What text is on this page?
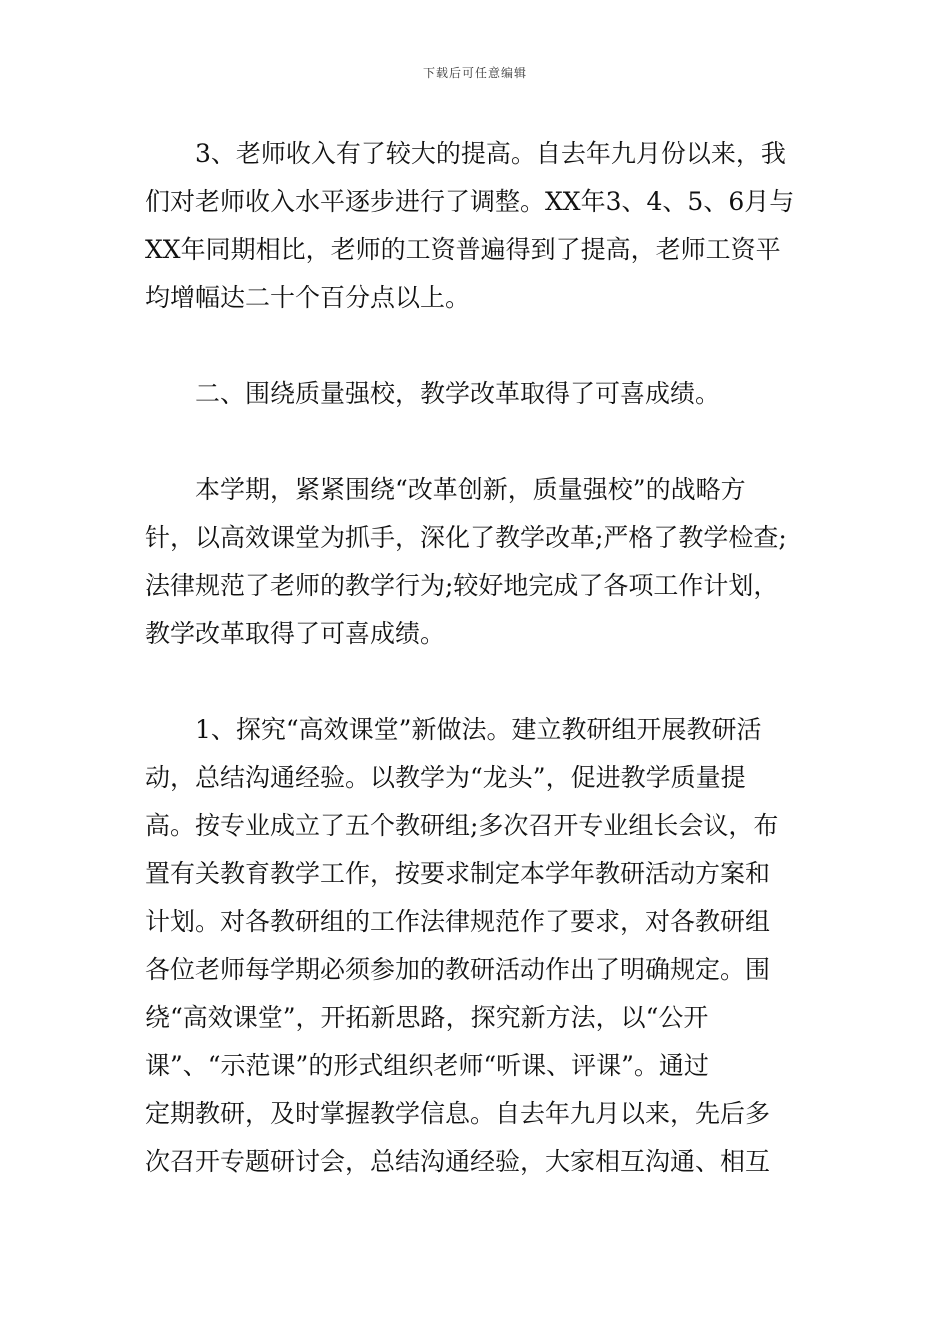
下载后可任意编辑

3、老师收入有了较大的提高。自去年九月份以来，我
们对老师收入水平逐步进行了调整。XX年3、4、5、6月与
XX年同期相比，老师的工资普遍得到了提高，老师工资平
均增幅达二十个百分点以上。

二、围绕质量强校，教学改革取得了可喜成绩。

本学期，紧紧围绕“改革创新，质量强校”的战略方
针，以高效课堂为抓手，深化了教学改革;严格了教学检查;
法律规范了老师的教学行为;较好地完成了各项工作计划，
教学改革取得了可喜成绩。

1、探究“高效课堂”新做法。建立教研组开展教研活
动，总结沟通经验。以教学为“龙头”，促进教学质量提
高。按专业成立了五个教研组;多次召开专业组长会议，布
置有关教育教学工作，按要求制定本学年教研活动方案和
计划。对各教研组的工作法律规范作了要求，对各教研组
各位老师每学期必须参加的教研活动作出了明确规定。围
绕“高效课堂”，开拓新思路，探究新方法，以“公开
课”、“示范课”的形式组织老师“听课、评课”。通过
定期教研，及时掌握教学信息。自去年九月以来，先后多
次召开专题研讨会，总结沟通经验，大家相互沟通、相互
